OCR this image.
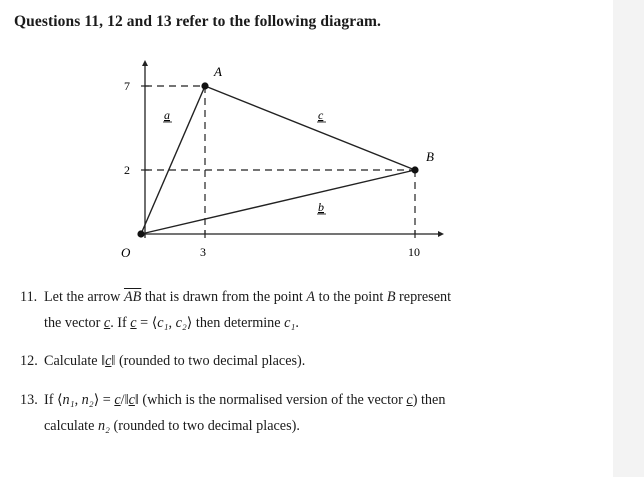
Questions 11, 12 and 13 refer to the following diagram.
O	3	10
2
7
A
B
a	c
b
11. Let the arrow $\overline{AB}$ that is drawn from the point A to the point B represent
the vector c. If c = ⟨c₁, c₂⟩ then determine c₁.
12. Calculate ‖c‖ (rounded to two decimal places).
13. If ⟨n₁, n₂⟩ = c/‖c‖ (which is the normalised version of the vector c) then
calculate n₂ (rounded to two decimal places).
